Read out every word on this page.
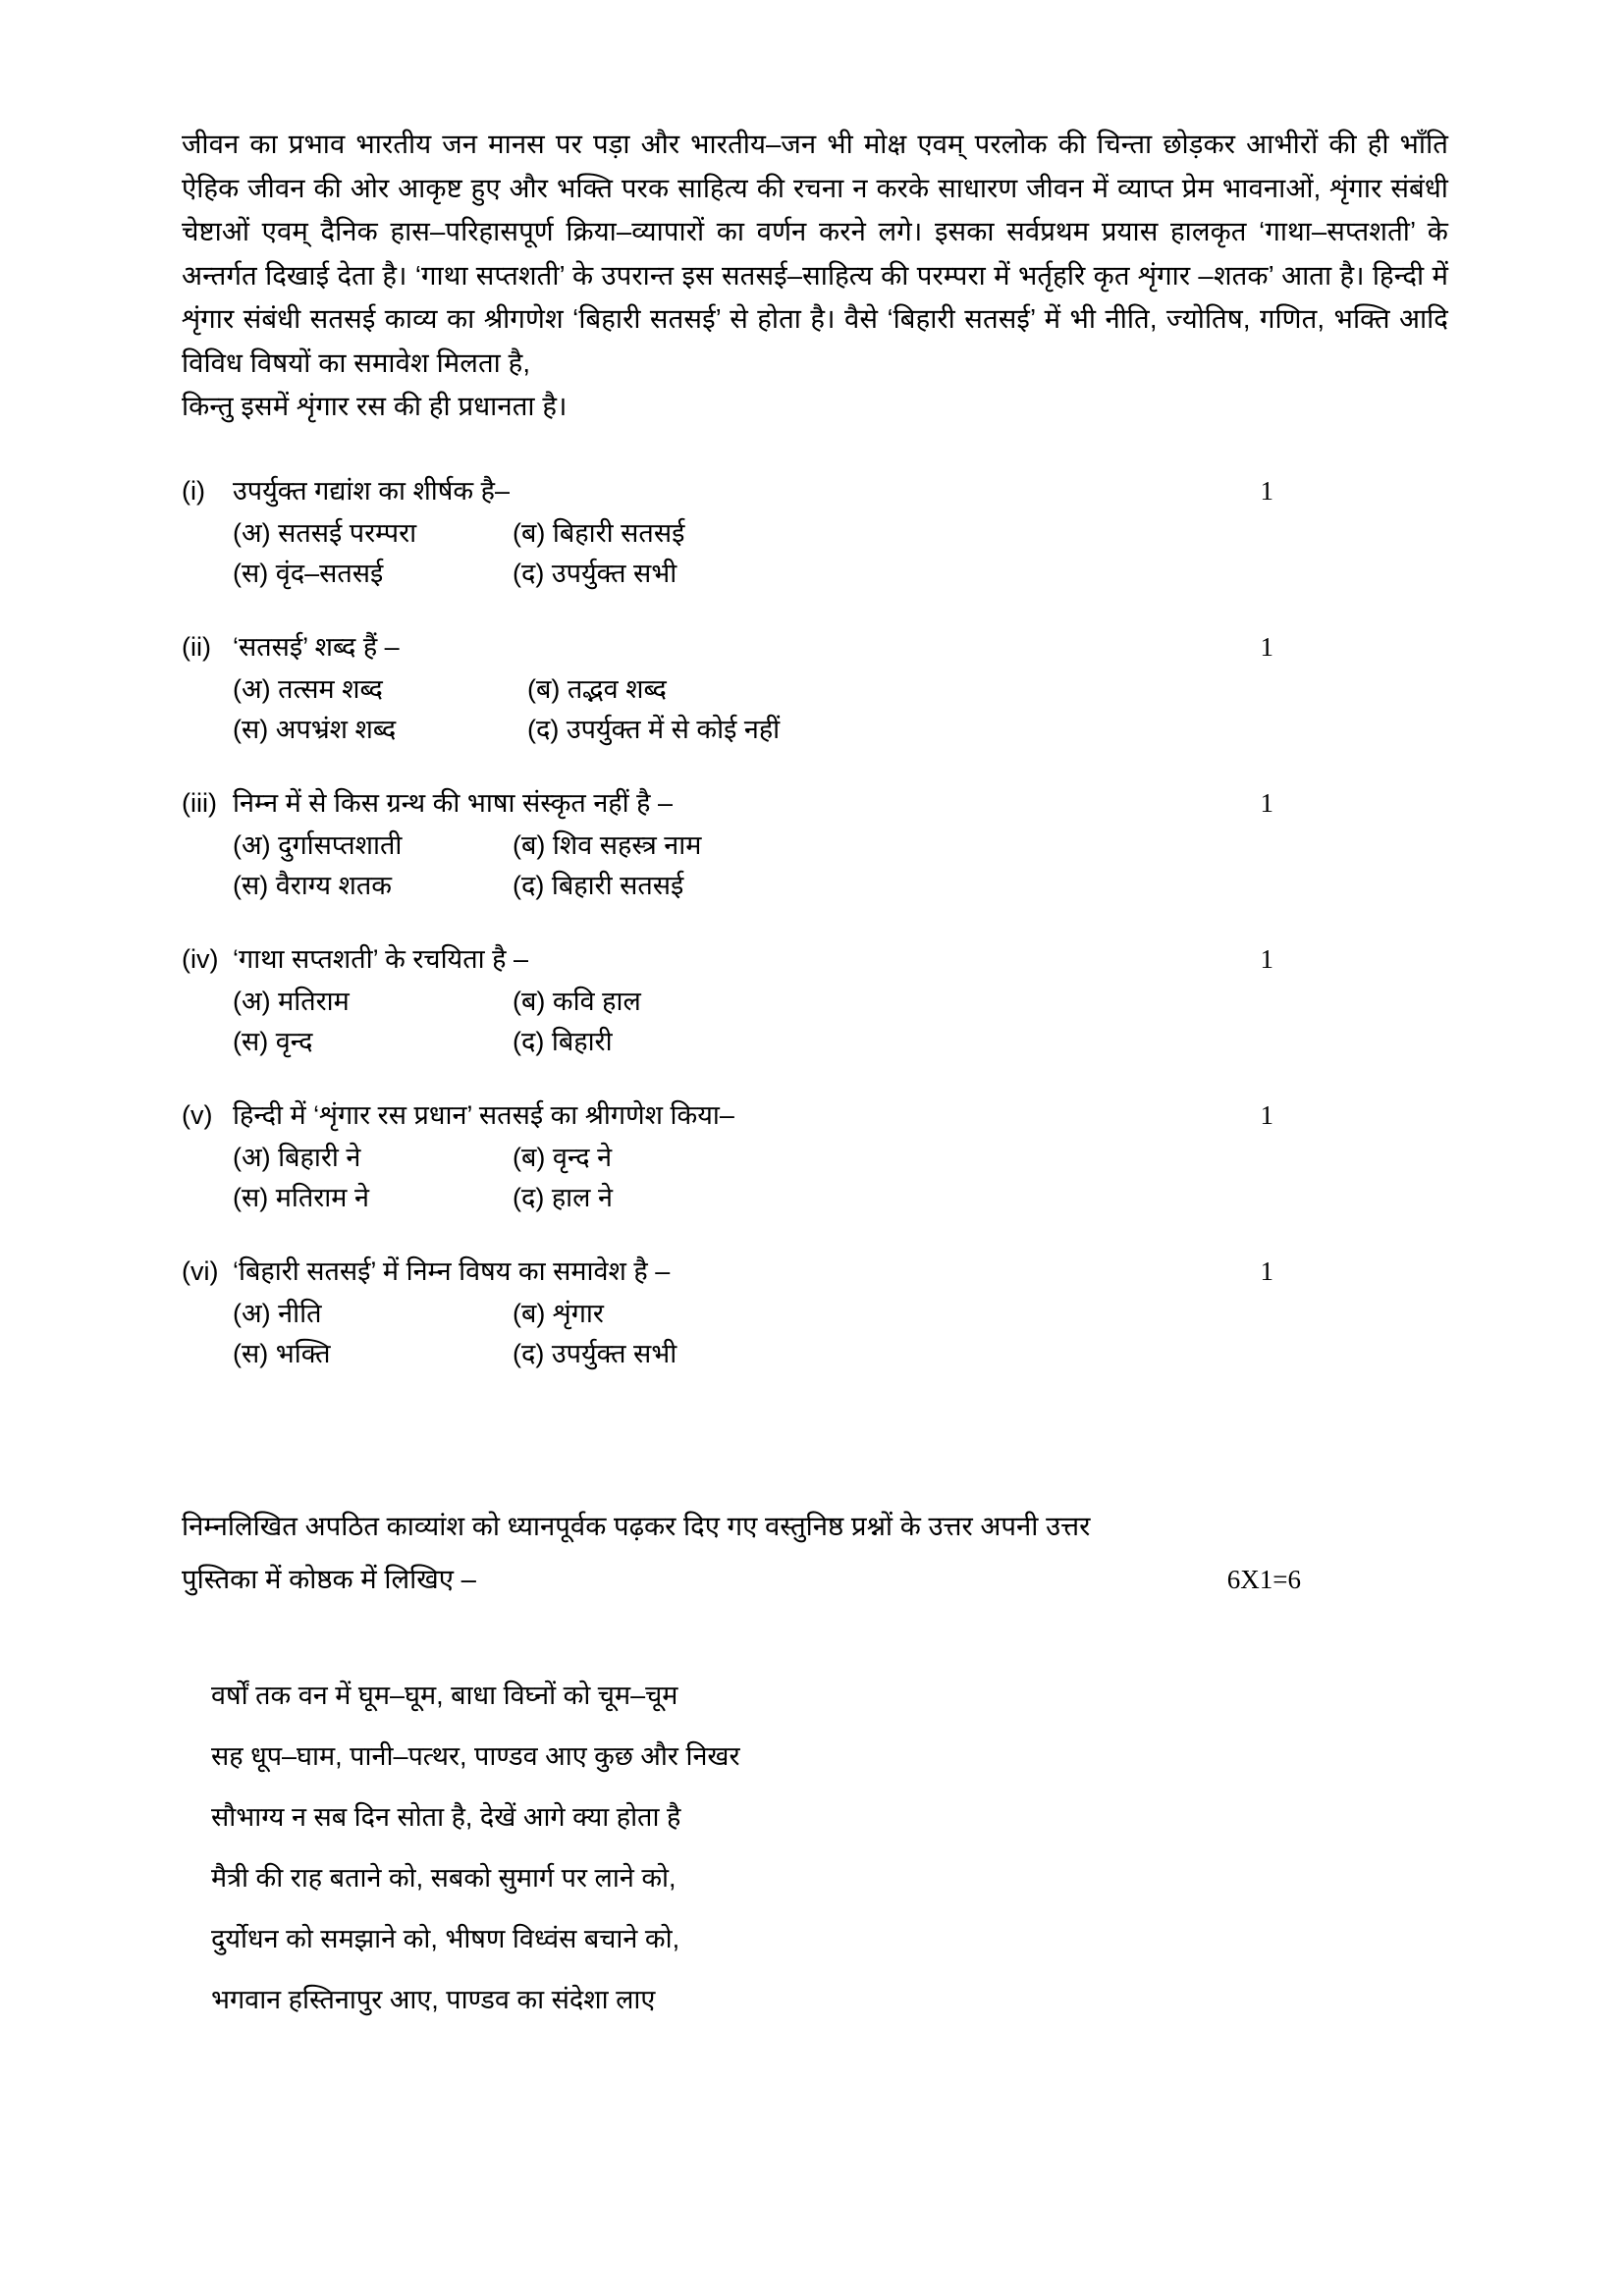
जीवन का प्रभाव भारतीय जन मानस पर पड़ा और भारतीय–जन भी मोक्ष एवम् परलोक की चिन्ता छोड़कर आभीरों की ही भाँति ऐहिक जीवन की ओर आकृष्ट हुए और भक्ति परक साहित्य की रचना न करके साधारण जीवन में व्याप्त प्रेम भावनाओं, शृंगार संबंधी चेष्टाओं एवम् दैनिक हास–परिहासपूर्ण क्रिया–व्यापारों का वर्णन करने लगे। इसका सर्वप्रथम प्रयास हालकृत ‘गाथा–सप्तशती’ के अन्तर्गत दिखाई देता है। ‘गाथा सप्तशती’ के उपरान्त इस सतसई–साहित्य की परम्परा में भर्तृहरि कृत शृंगार –शतक’ आता है। हिन्दी में शृंगार संबंधी सतसई काव्य का श्रीगणेश ‘बिहारी सतसई’ से होता है। वैसे ‘बिहारी सतसई’ में भी नीति, ज्योतिष, गणित, भक्ति आदि विविध विषयों का समावेश मिलता है,
किन्तु इसमें शृंगार रस की ही प्रधानता है।
(i)	उपर्युक्त गद्यांश का शीर्षक है–	1
(अ) सतसई परम्परा	(ब) बिहारी सतसई
(स) वृंद–सतसई	(द) उपर्युक्त सभी
(ii) ‘सतसई’ शब्द हैं –	1
(अ) तत्सम शब्द	(ब) तद्भव शब्द
(स) अपभ्रंश शब्द	(द) उपर्युक्त में से कोई नहीं
(iii) निम्न में से किस ग्रन्थ की भाषा संस्कृत नहीं है –	1
(अ) दुर्गासप्तशाती	(ब) शिव सहस्त्र नाम
(स) वैराग्य शतक	(द) बिहारी सतसई
(iv) ‘गाथा सप्तशती’ के रचयिता है –	1
(अ) मतिराम	(ब) कवि हाल
(स) वृन्द	(द) बिहारी
(v) हिन्दी में ‘शृंगार रस प्रधान’ सतसई का श्रीगणेश किया–	1
(अ) बिहारी ने	(ब) वृन्द ने
(स) मतिराम ने	(द) हाल ने
(vi) ‘बिहारी सतसई’ में निम्न विषय का समावेश है –	1
(अ) नीति	(ब) शृंगार
(स) भक्ति	(द) उपर्युक्त सभी
निम्नलिखित अपठित काव्यांश को ध्यानपूर्वक पढ़कर दिए गए वस्तुनिष्ठ प्रश्नों के उत्तर अपनी उत्तर
पुस्तिका में कोष्ठक में लिखिए –	6X1=6
वर्षों तक वन में घूम–घूम, बाधा विघ्नों को चूम–चूम
सह धूप–घाम, पानी–पत्थर, पाण्डव आए कुछ और निखर
सौभाग्य न सब दिन सोता है, देखें आगे क्या होता है
मैत्री की राह बताने को, सबको सुमार्ग पर लाने को,
दुर्योधन को समझाने को, भीषण विध्वंस बचाने को,
भगवान हस्तिनापुर आए, पाण्डव का संदेशा लाए
